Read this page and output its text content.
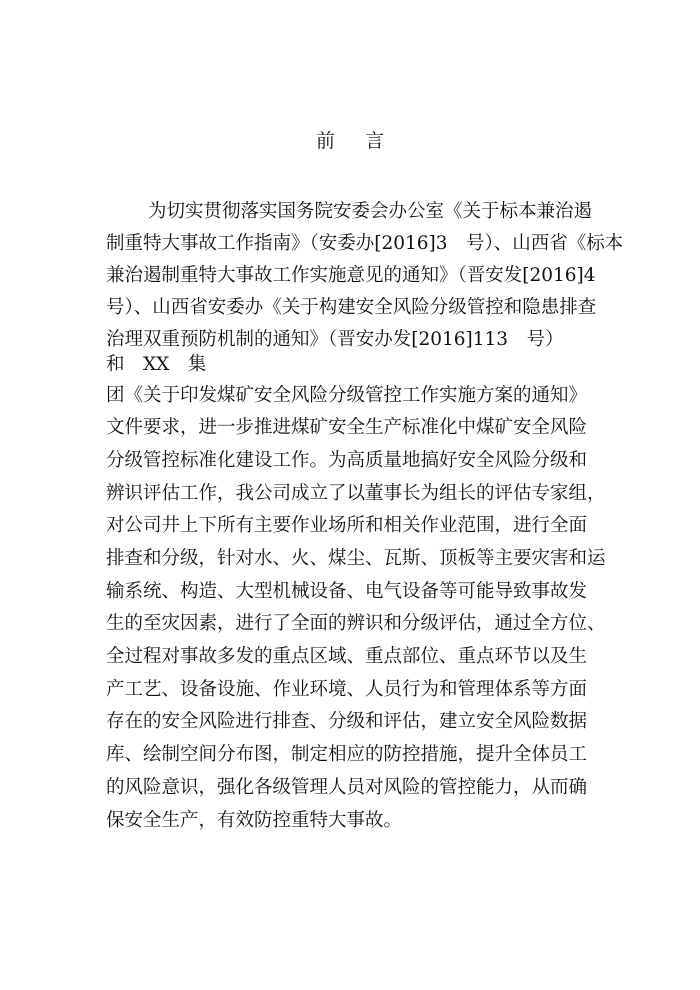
前 言
为切实贯彻落实国务院安委会办公室《关于标本兼治遏
制重特大事故工作指南》（安委办[2016]3　号）、山西省《标本
兼治遏制重特大事故工作实施意见的通知》（晋安发[2016]4
号）、山西省安委办《关于构建安全风险分级管控和隐患排查
治理双重预防机制的通知》（晋安办发[2016]113　号）
和　XX　集
团《关于印发煤矿安全风险分级管控工作实施方案的通知》
文件要求，进一步推进煤矿安全生产标准化中煤矿安全风险
分级管控标准化建设工作。为高质量地搞好安全风险分级和
辨识评估工作，我公司成立了以董事长为组长的评估专家组，
对公司井上下所有主要作业场所和相关作业范围，进行全面
排查和分级，针对水、火、煤尘、瓦斯、顶板等主要灾害和运
输系统、构造、大型机械设备、电气设备等可能导致事故发
生的至灾因素，进行了全面的辨识和分级评估，通过全方位、
全过程对事故多发的重点区域、重点部位、重点环节以及生
产工艺、设备设施、作业环境、人员行为和管理体系等方面
存在的安全风险进行排查、分级和评估，建立安全风险数据
库、绘制空间分布图，制定相应的防控措施，提升全体员工
的风险意识，强化各级管理人员对风险的管控能力，从而确
保安全生产，有效防控重特大事故。
